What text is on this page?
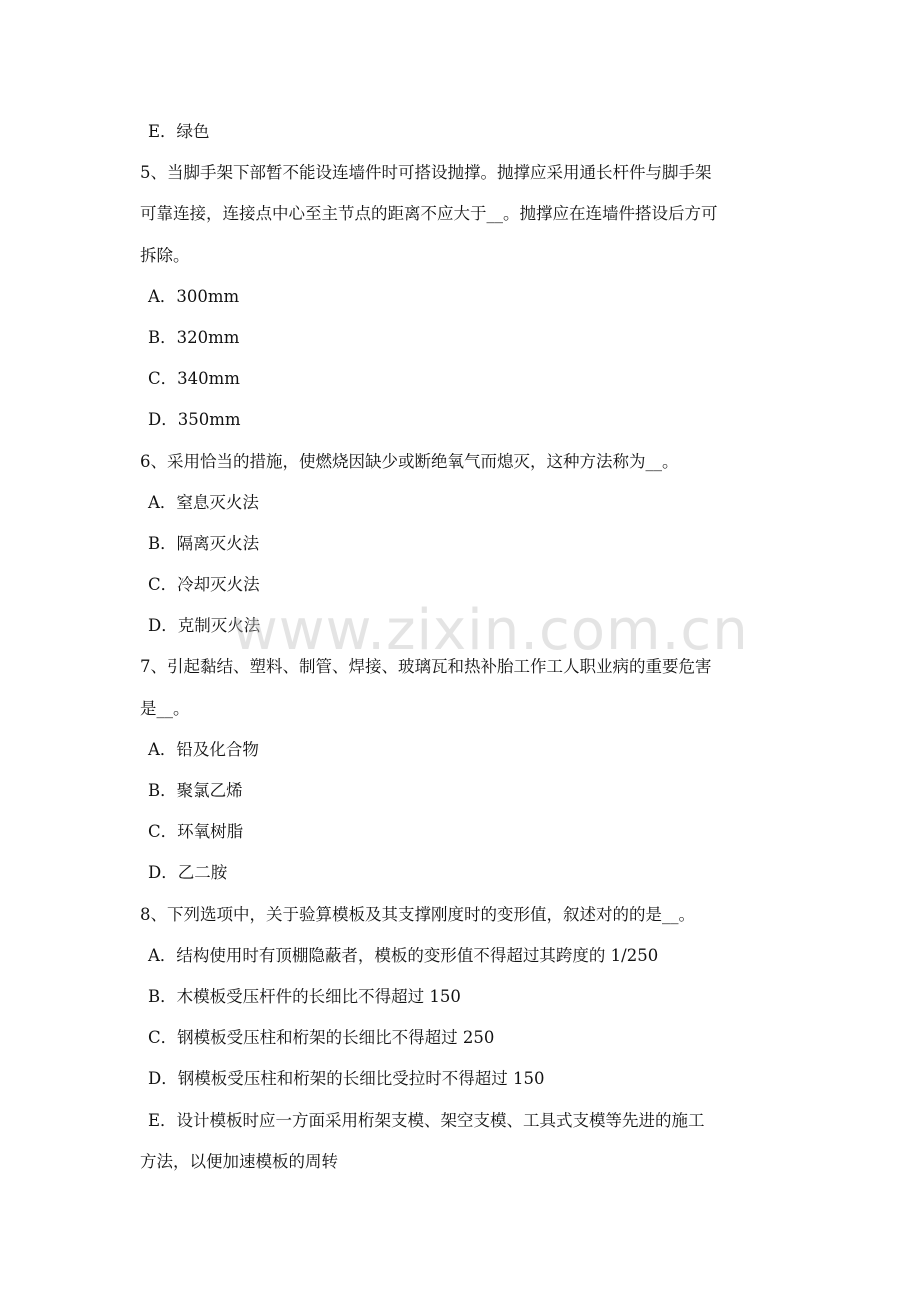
E．绿色
5、当脚手架下部暂不能设连墙件时可搭设抛撑。抛撑应采用通长杆件与脚手架
可靠连接，连接点中心至主节点的距离不应大于__。抛撑应在连墙件搭设后方可
拆除。
A．300mm
B．320mm
C．340mm
D．350mm
6、采用恰当的措施，使燃烧因缺少或断绝氧气而熄灭，这种方法称为__。
A．窒息灭火法
B．隔离灭火法
C．冷却灭火法
D．克制灭火法
7、引起黏结、塑料、制管、焊接、玻璃瓦和热补胎工作工人职业病的重要危害
是__。
A．铅及化合物
B．聚氯乙烯
C．环氧树脂
D．乙二胺
8、下列选项中，关于验算模板及其支撑刚度时的变形值，叙述对的的是__。
A．结构使用时有顶棚隐蔽者，模板的变形值不得超过其跨度的 1/250
B．木模板受压杆件的长细比不得超过 150
C．钢模板受压柱和桁架的长细比不得超过 250
D．钢模板受压柱和桁架的长细比受拉时不得超过 150
E．设计模板时应一方面采用桁架支模、架空支模、工具式支模等先进的施工
方法，以便加速模板的周转
www.zixin.com.cn
